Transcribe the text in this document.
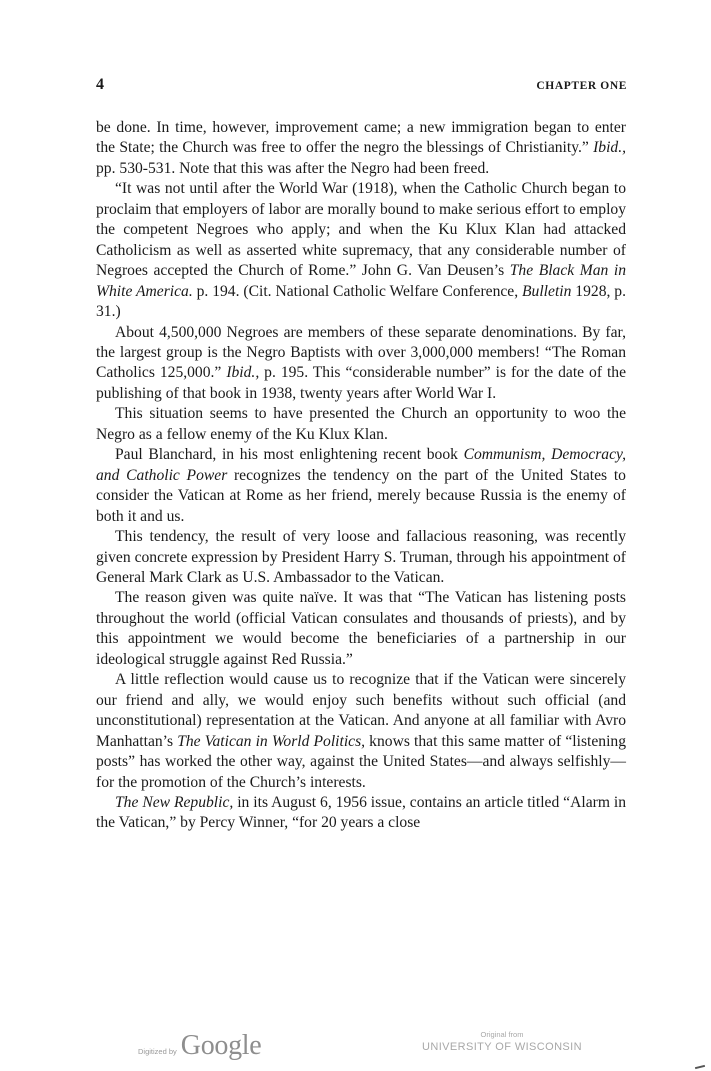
4	CHAPTER ONE

be done. In time, however, improvement came; a new immigration began to enter the State; the Church was free to offer the negro the blessings of Christianity.” Ibid., pp. 530-531. Note that this was after the Negro had been freed.

“It was not until after the World War (1918), when the Catholic Church began to proclaim that employers of labor are morally bound to make serious effort to employ the competent Negroes who apply; and when the Ku Klux Klan had attacked Catholicism as well as asserted white supremacy, that any considerable number of Negroes accepted the Church of Rome.” John G. Van Deusen’s The Black Man in White America. p. 194. (Cit. National Catholic Welfare Conference, Bulletin 1928, p. 31.)

About 4,500,000 Negroes are members of these separate denominations. By far, the largest group is the Negro Baptists with over 3,000,000 members! “The Roman Catholics 125,000.” Ibid., p. 195. This “considerable number” is for the date of the publishing of that book in 1938, twenty years after World War I.

This situation seems to have presented the Church an opportunity to woo the Negro as a fellow enemy of the Ku Klux Klan.

Paul Blanchard, in his most enlightening recent book Communism, Democracy, and Catholic Power recognizes the tendency on the part of the United States to consider the Vatican at Rome as her friend, merely because Russia is the enemy of both it and us.

This tendency, the result of very loose and fallacious reasoning, was recently given concrete expression by President Harry S. Truman, through his appointment of General Mark Clark as U.S. Ambassador to the Vatican.

The reason given was quite naïve. It was that “The Vatican has listening posts throughout the world (official Vatican consulates and thousands of priests), and by this appointment we would become the beneficiaries of a partnership in our ideological struggle against Red Russia.”

A little reflection would cause us to recognize that if the Vatican were sincerely our friend and ally, we would enjoy such benefits without such official (and unconstitutional) representation at the Vatican. And anyone at all familiar with Avro Manhattan’s The Vatican in World Politics, knows that this same matter of “listening posts” has worked the other way, against the United States—and always selfishly—for the promotion of the Church’s interests.

The New Republic, in its August 6, 1956 issue, contains an article titled “Alarm in the Vatican,” by Percy Winner, “for 20 years a close

Digitized by Google	Original from
UNIVERSITY OF WISCONSIN
